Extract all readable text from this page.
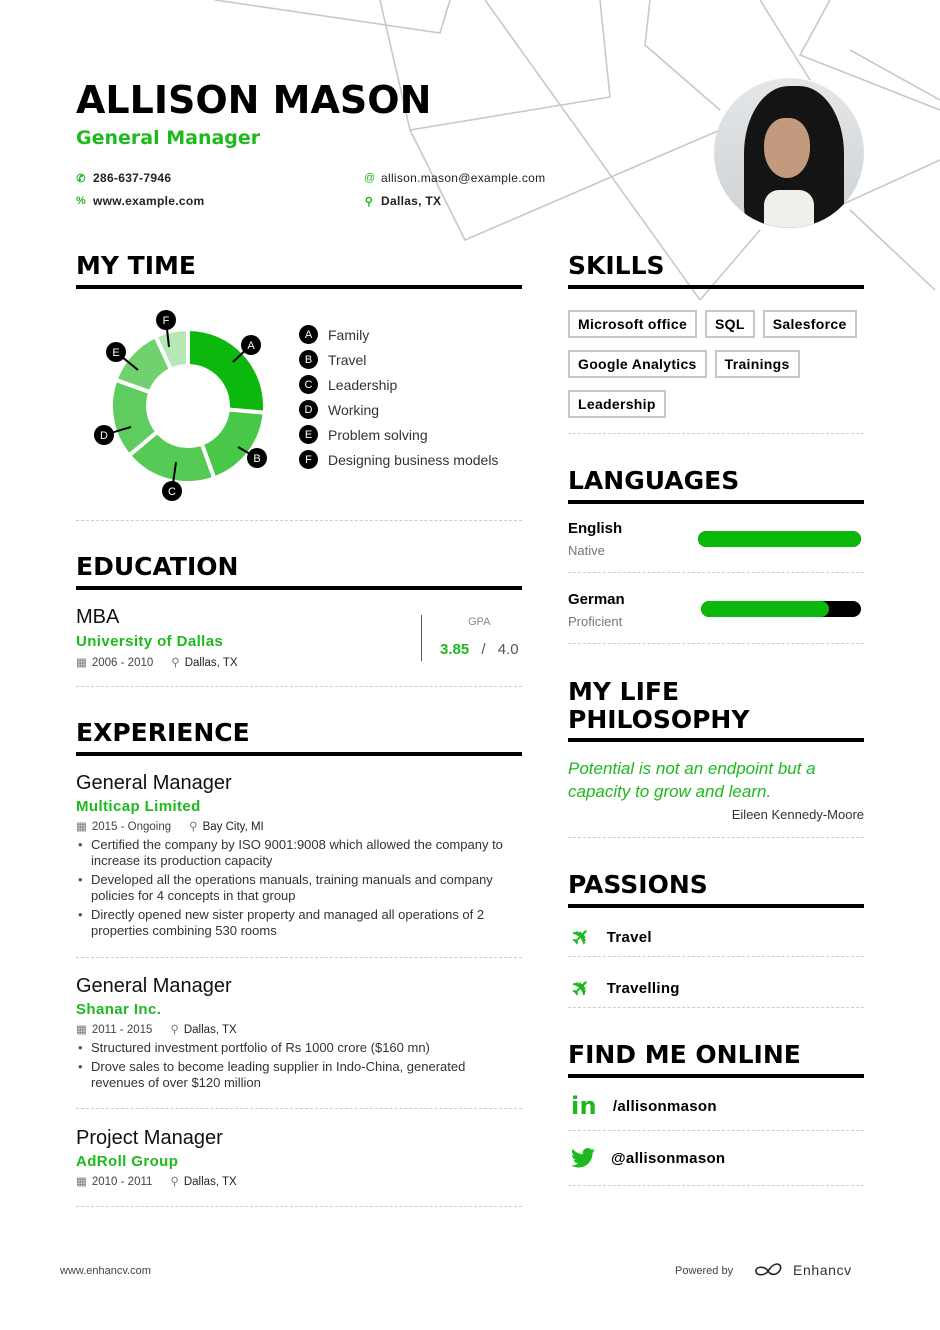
ALLISON MASON
General Manager
✆ 286-637-7946
% www.example.com
@ allison.mason@example.com
⚲ Dallas, TX
MY TIME
A
B
C
D
E
F
A	Family
B	Travel
C	Leadership
D	Working
E	Problem solving
F	Designing business models
EDUCATION
MBA
University of Dallas
▦ 2006 - 2010 ⚲ Dallas, TX
GPA
3.85 / 4.0
EXPERIENCE
General Manager
Multicap Limited
▦ 2015 - Ongoing ⚲ Bay City, MI
• Certified the company by ISO 9001:9008 which allowed the company to increase its production capacity
• Developed all the operations manuals, training manuals and company policies for 4 concepts in that group
• Directly opened new sister property and managed all operations of 2 properties combining 530 rooms
General Manager
Shanar Inc.
▦ 2011 - 2015 ⚲ Dallas, TX
• Structured investment portfolio of Rs 1000 crore ($160 mn)
• Drove sales to become leading supplier in Indo-China, generated revenues of over $120 million
Project Manager
AdRoll Group
▦ 2010 - 2011 ⚲ Dallas, TX
SKILLS
Microsoft office SQL Salesforce Google Analytics Trainings Leadership
LANGUAGES
English
Native
German
Proficient
MY LIFE
PHILOSOPHY
Potential is not an endpoint but a capacity to grow and learn.
Eileen Kennedy-Moore
PASSIONS
✈ Travel
✈ Travelling
FIND ME ONLINE
in /allisonmason
@allisonmason
www.enhancv.com	Powered by	Enhancv
